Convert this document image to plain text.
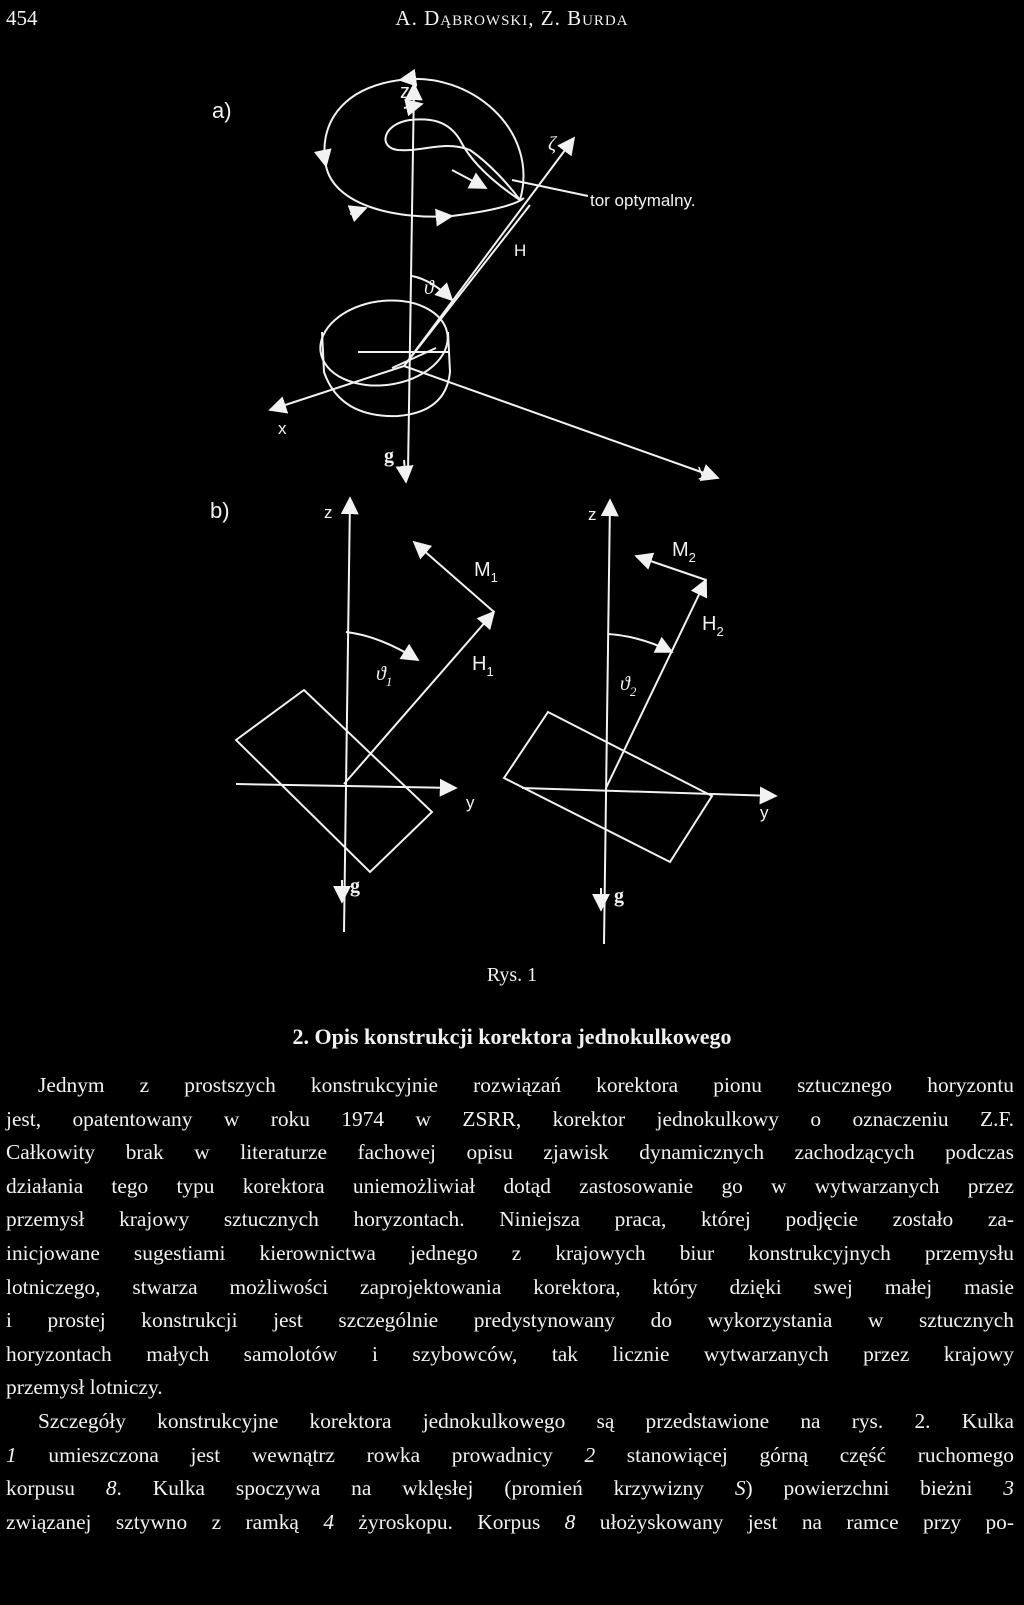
454	A. Dąbrowski, Z. Burda
a)
z
ζ
tor optymalny.
H
ϑ
x
g
y
b)	z
$M_1$
$H_1$
$ϑ_1$
y
g
z
$M_2$
$H_2$
$ϑ_2$
y
g
Rys. 1
2. Opis konstrukcji korektora jednokulkowego

Jednym z prostszych konstrukcyjnie rozwiązań korektora pionu sztucznego horyzontu
jest, opatentowany w roku 1974 w ZSRR, korektor jednokulkowy o oznaczeniu Z.F.
Całkowity brak w literaturze fachowej opisu zjawisk dynamicznych zachodzących podczas
działania tego typu korektora uniemożliwiał dotąd zastosowanie go w wytwarzanych przez
przemysł krajowy sztucznych horyzontach. Niniejsza praca, której podjęcie zostało za-
inicjowane sugestiami kierownictwa jednego z krajowych biur konstrukcyjnych przemysłu
lotniczego, stwarza możliwości zaprojektowania korektora, który dzięki swej małej masie
i prostej konstrukcji jest szczególnie predystynowany do wykorzystania w sztucznych
horyzontach małych samolotów i szybowców, tak licznie wytwarzanych przez krajowy
przemysł lotniczy.

Szczegóły konstrukcyjne korektora jednokulkowego są przedstawione na rys. 2. Kulka
1 umieszczona jest wewnątrz rowka prowadnicy 2 stanowiącej górną część ruchomego
korpusu 8. Kulka spoczywa na wklęsłej (promień krzywizny S) powierzchni bieżni 3
związanej sztywno z ramką 4 żyroskopu. Korpus 8 ułożyskowany jest na ramce przy po-
